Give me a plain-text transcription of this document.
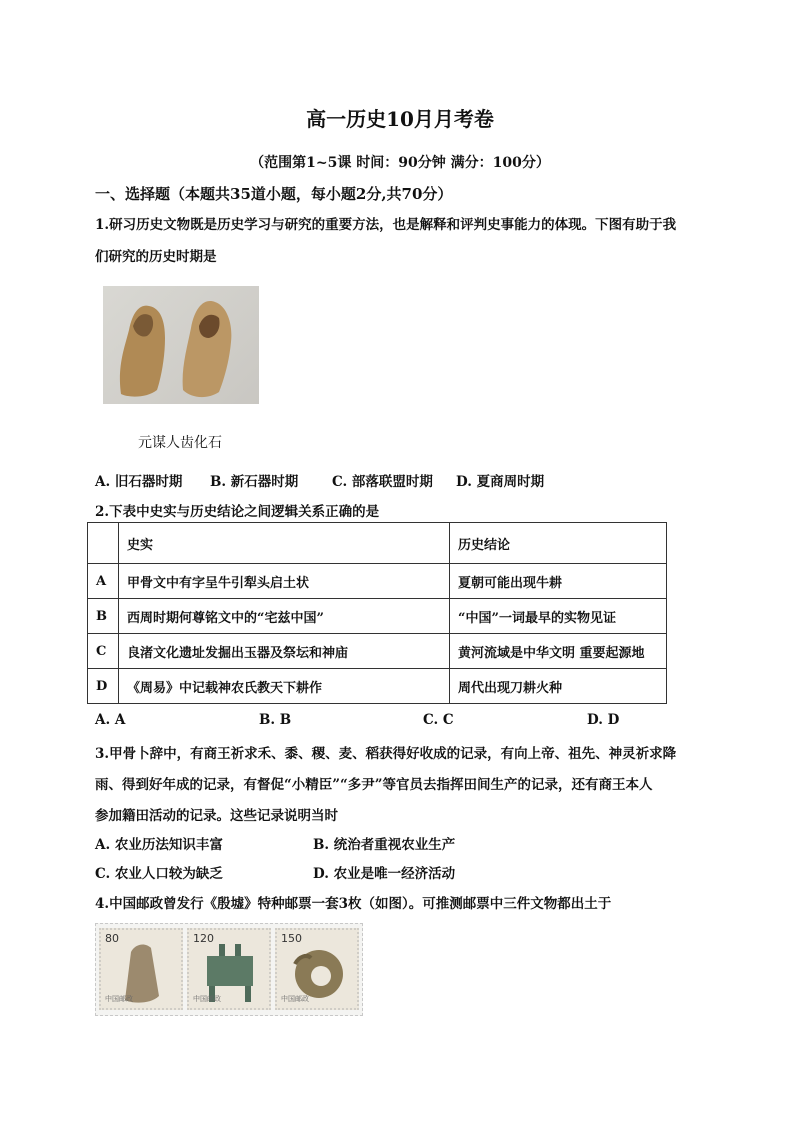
高一历史10月月考卷
（范围第1~5课 时间：90分钟 满分：100分）
一、选择题（本题共35道小题，每小题2分,共70分）
1.研习历史文物既是历史学习与研究的重要方法，也是解释和评判史事能力的体现。下图有助于我
们研究的历史时期是
元谋人齿化石
A. 旧石器时期 B. 新石器时期 C. 部落联盟时期 D. 夏商周时期
2.下表中史实与历史结论之间逻辑关系正确的是
	史实	历史结论
A	甲骨文中有字呈牛引犁头启土状	夏朝可能出现牛耕
B	西周时期何尊铭文中的“宅兹中国”	“中国”一词最早的实物见证
C	良渚文化遗址发掘出玉器及祭坛和神庙	黄河流域是中华文明 重要起源地
D	《周易》中记载神农氏教天下耕作	周代出现刀耕火种
A. A	B. B	C. C	D. D
3.甲骨卜辞中，有商王祈求禾、黍、稷、麦、稻获得好收成的记录，有向上帝、祖先、神灵祈求降
雨、得到好年成的记录，有督促“小精臣”“多尹”等官员去指挥田间生产的记录，还有商王本人
参加籍田活动的记录。这些记录说明当时
A. 农业历法知识丰富	B. 统治者重视农业生产
C. 农业人口较为缺乏	D. 农业是唯一经济活动
4.中国邮政曾发行《殷墟》特种邮票一套3枚（如图）。可推测邮票中三件文物都出土于
80
中国邮政
120
中国邮政
150
中国邮政
